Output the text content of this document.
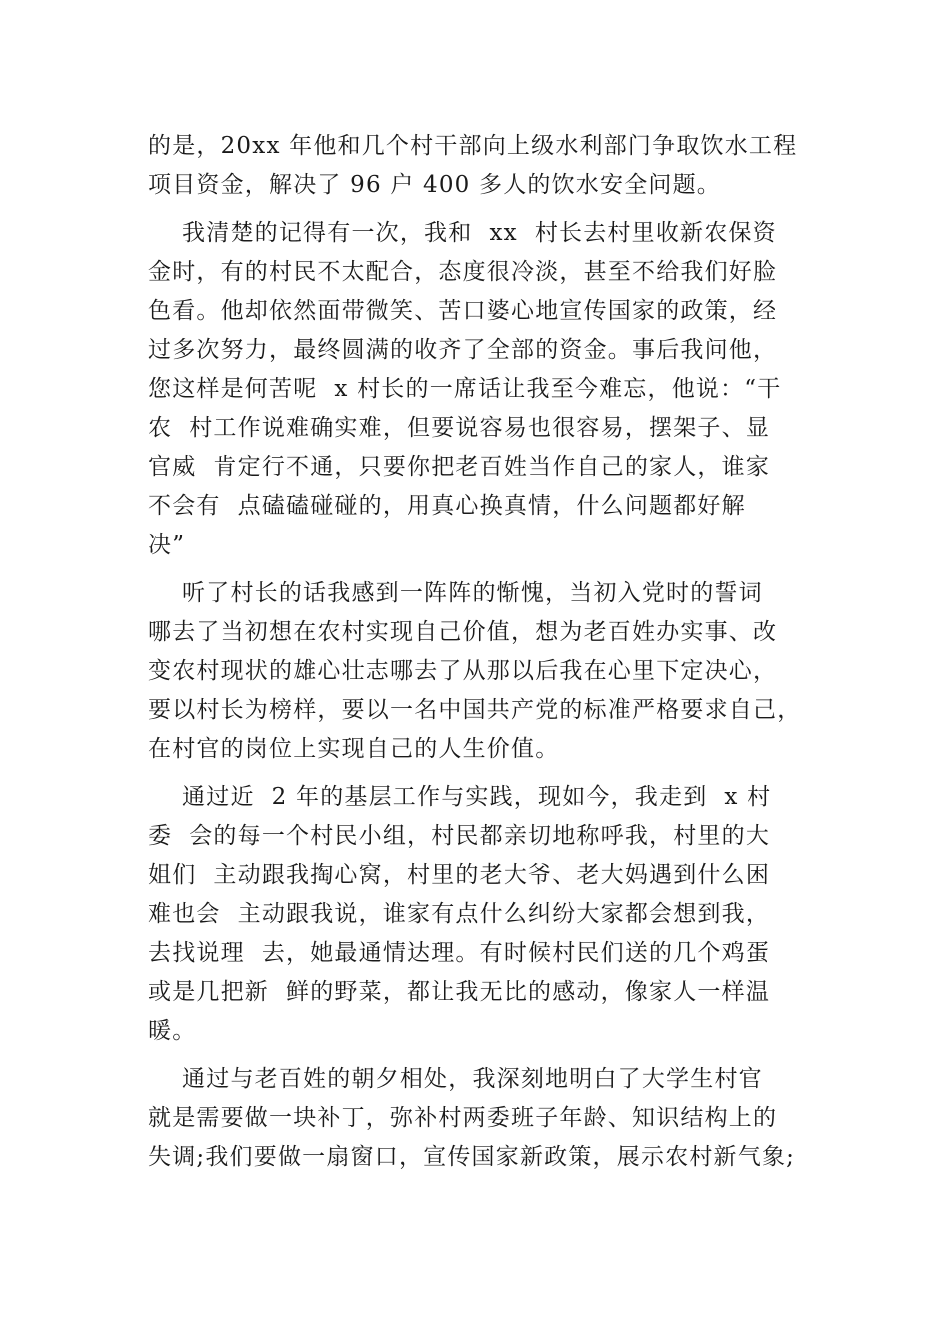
的是，20xx 年他和几个村干部向上级水利部门争取饮水工程
项目资金，解决了 96 户 400 多人的饮水安全问题。
我清楚的记得有一次，我和  xx  村长去村里收新农保资
金时，有的村民不太配合，态度很冷淡，甚至不给我们好脸
色看。他却依然面带微笑、苦口婆心地宣传国家的政策，经
过多次努力，最终圆满的收齐了全部的资金。事后我问他，
您这样是何苦呢  x 村长的一席话让我至今难忘，他说：“干
农  村工作说难确实难，但要说容易也很容易，摆架子、显
官威  肯定行不通，只要你把老百姓当作自己的家人，谁家
不会有  点磕磕碰碰的，用真心换真情，什么问题都好解
决”
听了村长的话我感到一阵阵的惭愧，当初入党时的誓词
哪去了当初想在农村实现自己价值，想为老百姓办实事、改
变农村现状的雄心壮志哪去了从那以后我在心里下定决心，
要以村长为榜样，要以一名中国共产党的标准严格要求自己，
在村官的岗位上实现自己的人生价值。
通过近  2 年的基层工作与实践，现如今，我走到  x 村
委  会的每一个村民小组，村民都亲切地称呼我，村里的大
姐们  主动跟我掏心窝，村里的老大爷、老大妈遇到什么困
难也会  主动跟我说，谁家有点什么纠纷大家都会想到我，
去找说理  去，她最通情达理。有时候村民们送的几个鸡蛋
或是几把新  鲜的野菜，都让我无比的感动，像家人一样温
暖。
通过与老百姓的朝夕相处，我深刻地明白了大学生村官
就是需要做一块补丁，弥补村两委班子年龄、知识结构上的
失调;我们要做一扇窗口，宣传国家新政策，展示农村新气象;
